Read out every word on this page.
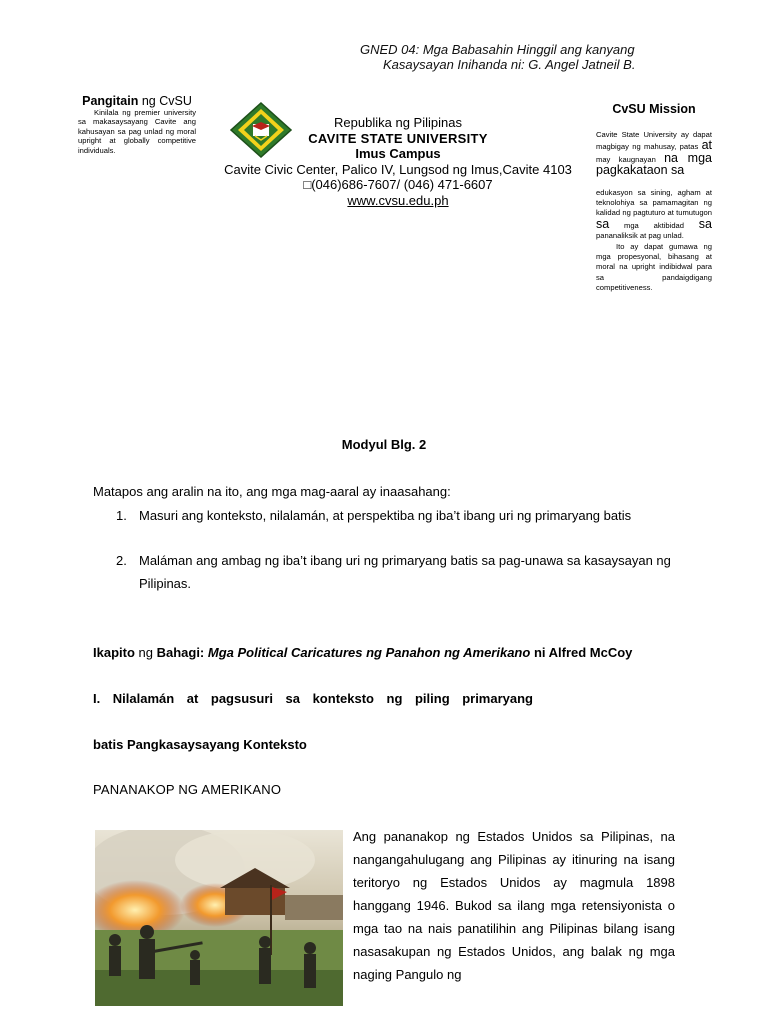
GNED 04: Mga Babasahin Hinggil ang kanyang

Kasaysayan Inihanda ni: G. Angel Jatneil B.
Pangitain ng CvSU
Kinilala ng premier university sa makasaysayang Cavite ang kahusayan sa pag unlad ng moral upright at globally competitive individuals.
Republika ng Pilipinas
CAVITE STATE UNIVERSITY
Imus Campus
Cavite Civic Center, Palico IV, Lungsod ng Imus,Cavite 4103
□(046)686-7607/ (046) 471-6607
www.cvsu.edu.ph
CvSU Mission

Cavite State University ay dapat magbigay ng mahusay, patas at may kaugnayan na mga pagkakataon sa

edukasyon sa sining, agham at teknolohiya sa pamamagitan ng kalidad ng pagtuturo at tumutugon sa mga aktibidad sa pananaliksik at pag unlad.

Ito ay dapat gumawa ng mga propesyonal, bihasang at moral na upright indibidwal para sa pandaigdigang competitiveness.

Modyul Blg. 2
Matapos ang aralin na ito, ang mga mag-aaral ay inaasahang:
1. Masuri ang konteksto, nilalamán, at perspektiba ng iba’t ibang uri ng primaryang batis
2. Maláman ang ambag ng iba’t ibang uri ng primaryang batis sa pag-unawa sa kasaysayan ng Pilipinas.
Ikapito ng Bahagi: Mga Political Caricatures ng Panahon ng Amerikano ni Alfred McCoy
I. Nilalamán at pagsusuri sa konteksto ng piling primaryang
batis Pangkasaysayang Konteksto
PANANAKOP NG AMERIKANO
Ang pananakop ng Estados Unidos sa Pilipinas, na nangangahulugang ang Pilipinas ay itinuring na isang teritoryo ng Estados Unidos ay magmula 1898 hanggang 1946. Bukod sa ilang mga retensiyonista o mga tao na nais panatilihin ang Pilipinas bilang isang nasasakupan ng Estados Unidos, ang balak ng mga naging Pangulo ng
